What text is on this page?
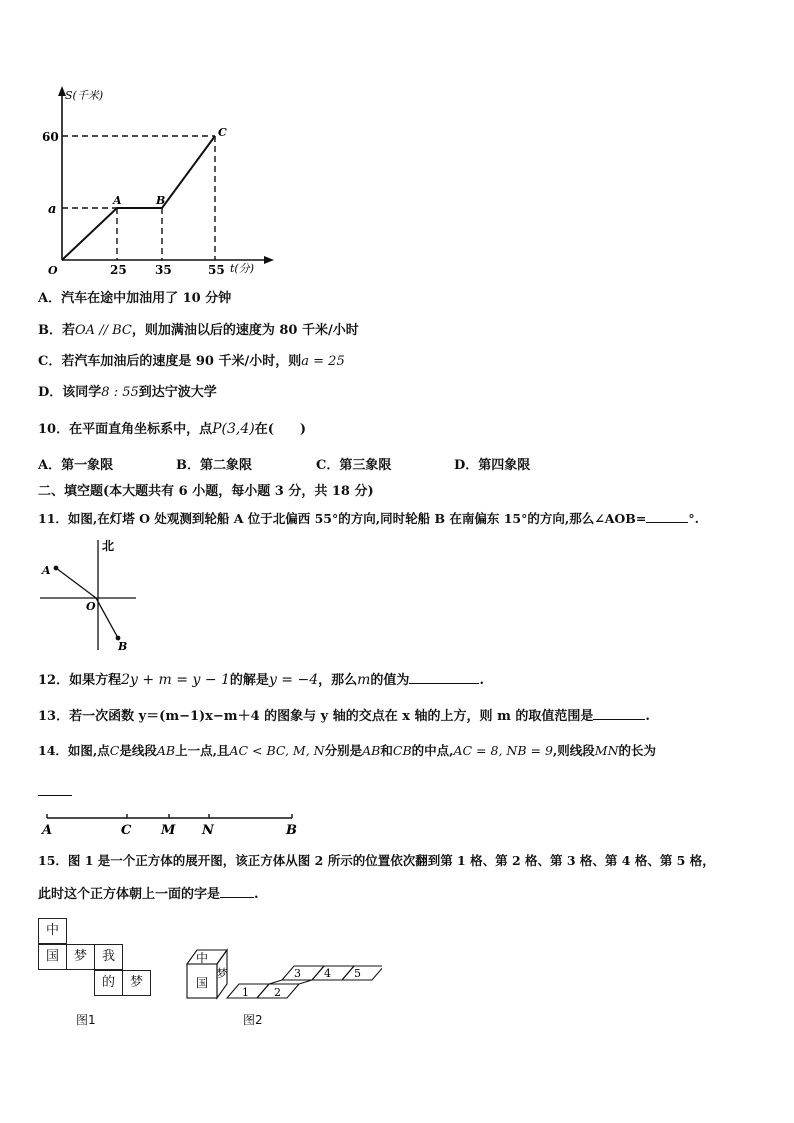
S(千米)
t(分)
O
60
a
25 35	55
A	B
C
A．汽车在途中加油用了 10 分钟
B．若OA // BC，则加满油以后的速度为 80 千米/小时
C．若汽车加油后的速度是 90 千米/小时，则a = 25
D．该同学8 : 55到达宁波大学
10．在平面直角坐标系中，点P(3,4)在(　　)
A．第一象限	B．第二象限	C．第三象限	D．第四象限
二、填空题(本大题共有 6 小题，每小题 3 分，共 18 分)
11．如图,在灯塔 O 处观测到轮船 A 位于北偏西 55°的方向,同时轮船 B 在南偏东 15°的方向,那么∠AOB=	°.
北
A
O
B
12．如果方程2y + m = y − 1的解是y = −4，那么m的值为	.
13．若一次函数 y＝(m−1)x−m＋4 的图象与 y 轴的交点在 x 轴的上方，则 m 的取值范围是	.
14．如图,点C是线段AB上一点,且AC < BC, M, N分别是AB和CB的中点,AC = 8, NB = 9,则线段MN的长为
A	C M N	B
15．图 1 是一个正方体的展开图，该正方体从图 2 所示的位置依次翻到第 1 格、第 2 格、第 3 格、第 4 格、第 5 格，
此时这个正方体朝上一面的字是	.
中
国	梦	我
的	梦
图1
中
国
梦
1 2
3 4 5
图2
